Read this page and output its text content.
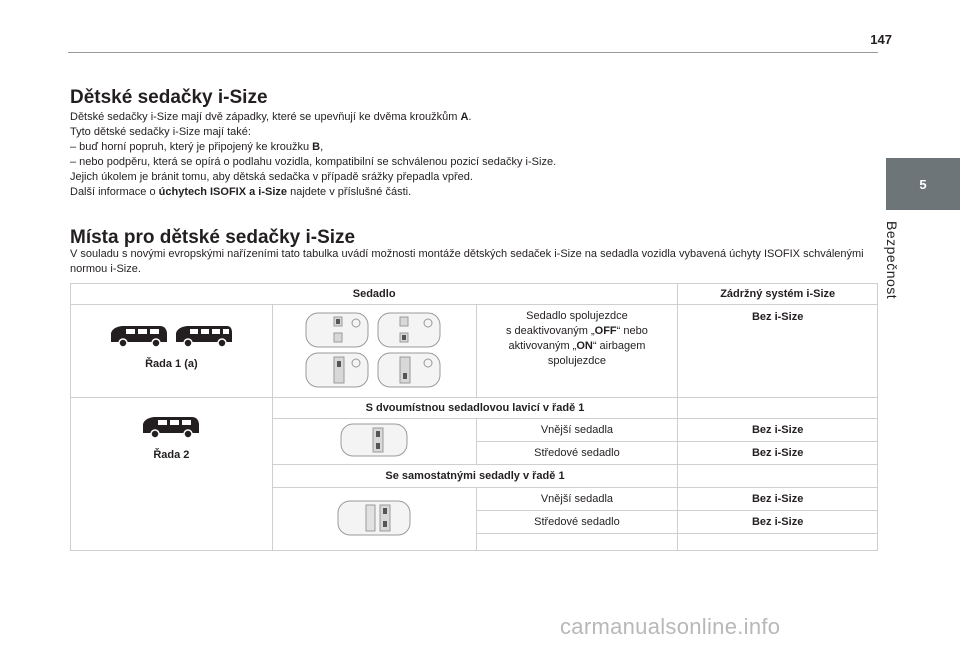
147
5
Bezpečnost
Dětské sedačky i-Size

Dětské sedačky i-Size mají dvě západky, které se upevňují ke dvěma kroužkům A.

Tyto dětské sedačky i-Size mají také:

– buď horní popruh, který je připojený ke kroužku B,

– nebo podpěru, která se opírá o podlahu vozidla, kompatibilní se schválenou pozicí sedačky i-Size.

Jejich úkolem je bránit tomu, aby dětská sedačka v případě srážky přepadla vpřed.

Další informace o úchytech ISOFIX a i-Size najdete v příslušné části.

Místa pro dětské sedačky i-Size

V souladu s novými evropskými nařízeními tato tabulka uvádí možnosti montáže dětských sedaček i-Size na sedadla vozidla vybavená úchyty ISOFIX schválenými normou i-Size.

Sedadlo			Zádržný systém i-Size

Řada 1 (a)		Sedadlo spolujezdce
s deaktivovaným „OFF“ nebo
aktivovaným „ON“ airbagem
spolujezdce	Bez i-Size

Řada 2	S dvoumístnou sedadlovou lavicí v řadě 1		
	Vnější sedadla	Bez i-Size
		Středové sedadlo	Bez i-Size
	Se samostatnými sedadly v řadě 1		
	Vnější sedadla	Bez i-Size
		Středové sedadlo	Bez i-Size

carmanualsonline.info
